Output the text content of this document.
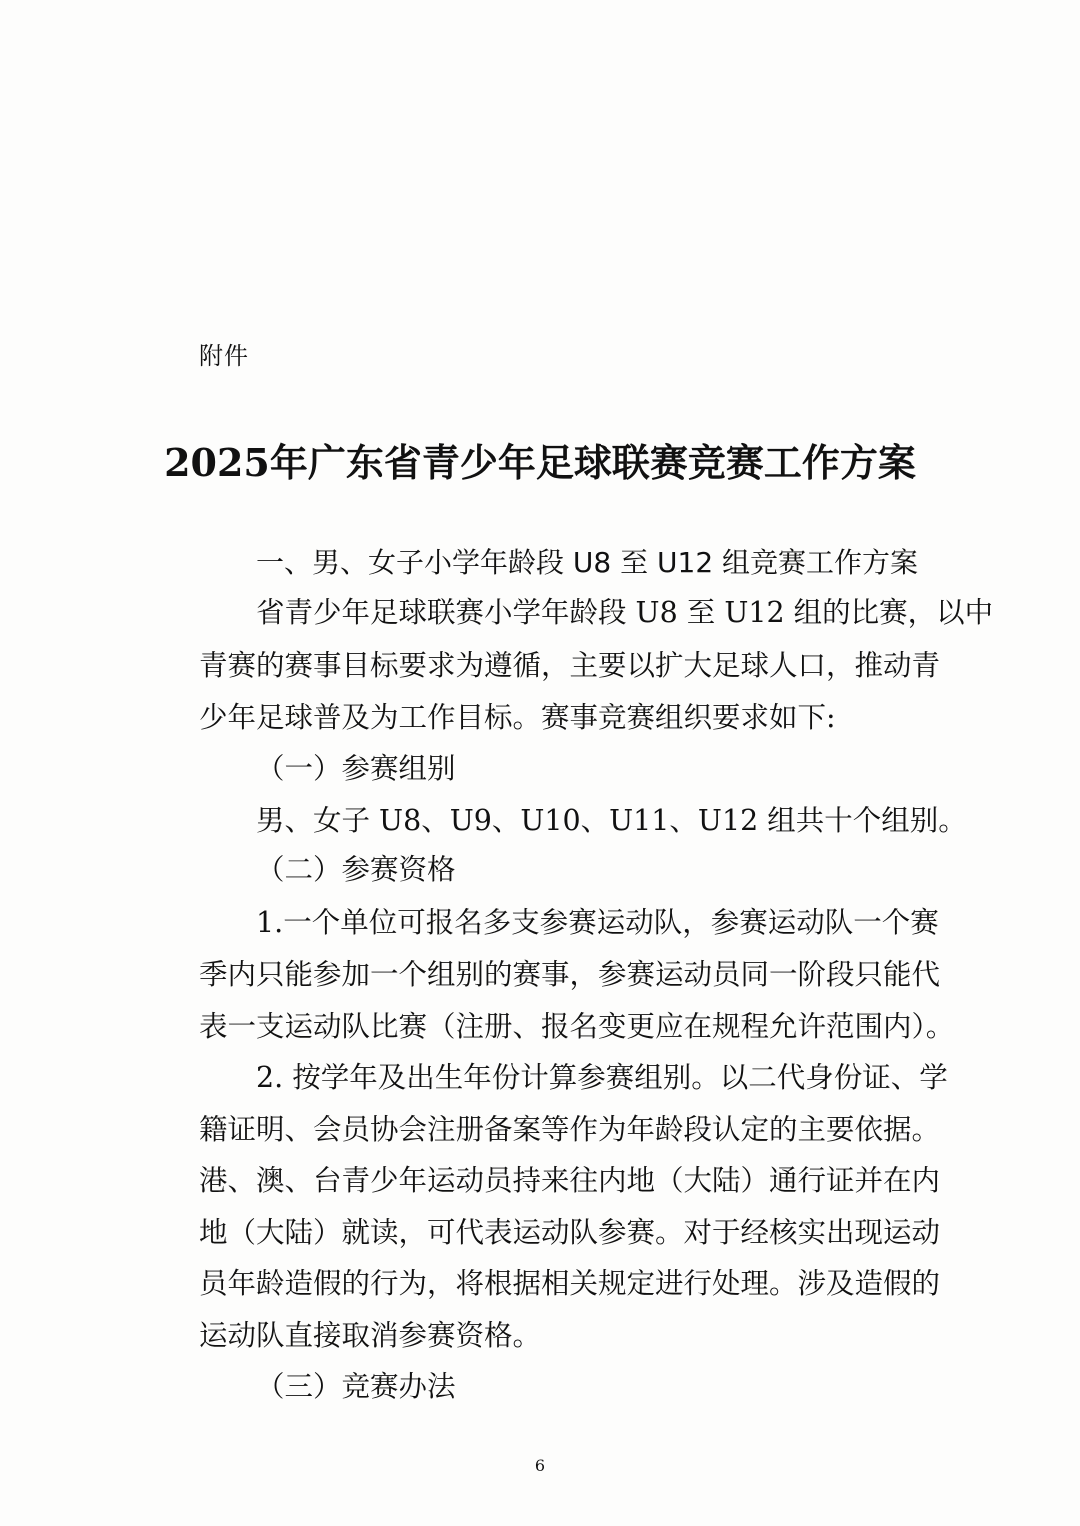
附件
2025年广东省青少年足球联赛竞赛工作方案
一、男、女子小学年龄段 U8 至 U12 组竞赛工作方案
省青少年足球联赛小学年龄段 U8 至 U12 组的比赛，以中
青赛的赛事目标要求为遵循，主要以扩大足球人口，推动青
少年足球普及为工作目标。赛事竞赛组织要求如下:
（一）参赛组别
男、女子 U8、U9、U10、U11、U12 组共十个组别。
（二）参赛资格
1.一个单位可报名多支参赛运动队，参赛运动队一个赛
季内只能参加一个组别的赛事，参赛运动员同一阶段只能代
表一支运动队比赛（注册、报名变更应在规程允许范围内）。
2. 按学年及出生年份计算参赛组别。以二代身份证、学
籍证明、会员协会注册备案等作为年龄段认定的主要依据。
港、澳、台青少年运动员持来往内地（大陆）通行证并在内
地（大陆）就读，可代表运动队参赛。对于经核实出现运动
员年龄造假的行为，将根据相关规定进行处理。涉及造假的
运动队直接取消参赛资格。
（三）竞赛办法
6
